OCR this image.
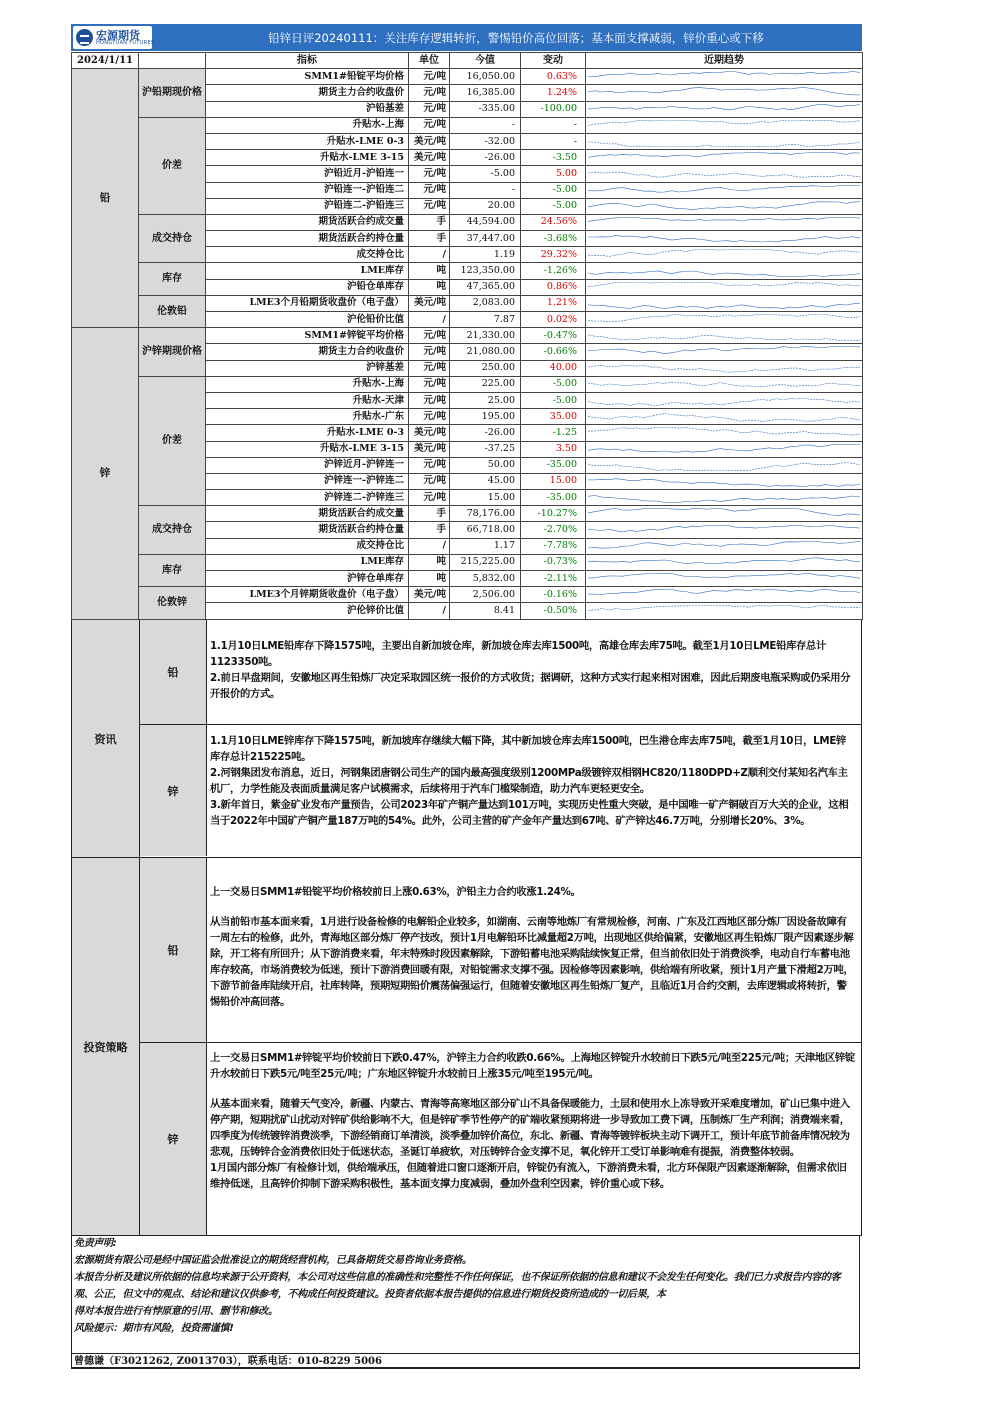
宏源期货
HONGYUAN FUTURES	铅锌日评20240111：关注库存逻辑转折，警惕铅价高位回落；基本面支撑减弱，锌价重心或下移
2024/1/11		指标	单位	今值	变动	近期趋势
铅	沪铅期现价格	SMM1#铅锭平均价格	元/吨	16,050.00	0.63%	

		期货主力合约收盘价	元/吨	16,385.00	1.24%	

		沪铅基差	元/吨	-335.00	-100.00	

	价差	升贴水-上海	元/吨	-	-	

		升贴水-LME 0-3	美元/吨	-32.00	-	

		升贴水-LME 3-15	美元/吨	-26.00	-3.50	

		沪铅近月-沪铅连一	元/吨	-5.00	5.00	

		沪铅连一-沪铅连二	元/吨	-	-5.00	

		沪铅连二-沪铅连三	元/吨	20.00	-5.00	

	成交持仓	期货活跃合约成交量	手	44,594.00	24.56%	

		期货活跃合约持仓量	手	37,447.00	-3.68%	

		成交持仓比	/	1.19	29.32%	

	库存	LME库存	吨	123,350.00	-1.26%	

		沪铅仓单库存	吨	47,365.00	0.86%	

	伦敦铅	LME3个月铅期货收盘价（电子盘）	美元/吨	2,083.00	1.21%	

		沪伦铅价比值	/	7.87	0.02%	

锌	沪锌期现价格	SMM1#锌锭平均价格	元/吨	21,330.00	-0.47%	

		期货主力合约收盘价	元/吨	21,080.00	-0.66%	

		沪锌基差	元/吨	250.00	40.00	

	价差	升贴水-上海	元/吨	225.00	-5.00	

		升贴水-天津	元/吨	25.00	-5.00	

		升贴水-广东	元/吨	195.00	35.00	

		升贴水-LME 0-3	美元/吨	-26.00	-1.25	

		升贴水-LME 3-15	美元/吨	-37.25	3.50	

		沪锌近月-沪锌连一	元/吨	50.00	-35.00	

		沪锌连一-沪锌连二	元/吨	45.00	15.00	

		沪锌连二-沪锌连三	元/吨	15.00	-35.00	

	成交持仓	期货活跃合约成交量	手	78,176.00	-10.27%	

		期货活跃合约持仓量	手	66,718.00	-2.70%	

		成交持仓比	/	1.17	-7.78%	

	库存	LME库存	吨	215,225.00	-0.73%	

		沪锌仓单库存	吨	5,832.00	-2.11%	

	伦敦锌	LME3个月锌期货收盘价（电子盘）	美元/吨	2,506.00	-0.16%	

		沪伦锌价比值	/	8.41	-0.50%	
资讯
铅

1.1月10日LME铅库存下降1575吨，主要出自新加坡仓库，新加坡仓库去库1500吨，高雄仓库去库75吨。截至1月10日LME铅库存总计1123350吨。

2.前日早盘期间，安徽地区再生铅炼厂决定采取园区统一报价的方式收货；据调研，这种方式实行起来相对困难，因此后期废电瓶采购或仍采用分开报价的方式。

锌

1.1月10日LME锌库存下降1575吨，新加坡库存继续大幅下降，其中新加坡仓库去库1500吨，巴生港仓库去库75吨，截至1月10日，LME锌库存总计215225吨。

2.河钢集团发布消息，近日，河钢集团唐钢公司生产的国内最高强度级别1200MPa级镀锌双相钢HC820/1180DPD+Z顺利交付某知名汽车主机厂，力学性能及表面质量满足客户试模需求，后续将用于汽车门槛梁制造，助力汽车更轻更安全。

3.新年首日，紫金矿业发布产量预告，公司2023年矿产铜产量达到101万吨，实现历史性重大突破，是中国唯一矿产铜破百万大关的企业，这相当于2022年中国矿产铜产量187万吨的54%。此外，公司主营的矿产金年产量达到67吨、矿产锌达46.7万吨，分别增长20%、3%。

投资策略
铅

上一交易日SMM1#铅锭平均价格较前日上涨0.63%，沪铅主力合约收涨1.24%。

从当前铅市基本面来看，1月进行设备检修的电解铅企业较多，如湖南、云南等地炼厂有常规检修，河南、广东及江西地区部分炼厂因设备故障有一周左右的检修，此外，青海地区部分炼厂停产技改，预计1月电解铅环比减量超2万吨，出现地区供给偏紧，安徽地区再生铅炼厂限产因素逐步解除，开工将有所回升；从下游消费来看，年末特殊时段因素解除，下游铅蓄电池采购陆续恢复正常，但当前依旧处于消费淡季，电动自行车蓄电池库存较高，市场消费较为低迷，预计下游消费回暖有限，对铅锭需求支撑不强。因检修等因素影响，供给端有所收紧，预计1月产量下滑超2万吨，下游节前备库陆续开启，社库转降，预期短期铅价震荡偏强运行，但随着安徽地区再生铅炼厂复产，且临近1月合约交割，去库逻辑或将转折，警惕铅价冲高回落。

锌

上一交易日SMM1#锌锭平均价较前日下跌0.47%，沪锌主力合约收跌0.66%。上海地区锌锭升水较前日下跌5元/吨至225元/吨；天津地区锌锭升水较前日下跌5元/吨至25元/吨；广东地区锌锭升水较前日上涨35元/吨至195元/吨。

从基本面来看，随着天气变冷，新疆、内蒙古、青海等高寒地区部分矿山不具备保暖能力，土层和使用水上冻导致开采难度增加，矿山已集中进入停产期，短期扰矿山扰动对锌矿供给影响不大，但是锌矿季节性停产的矿端收紧预期将进一步导致加工费下调，压制炼厂生产利润；消费端来看，四季度为传统镀锌消费淡季，下游经销商订单清淡，淡季叠加锌价高位，东北、新疆、青海等镀锌板块主动下调开工，预计年底节前备库情况较为悲观，压铸锌合金消费依旧处于低迷状态，圣诞订单疲软，对压铸锌合金支撑不足，氧化锌开工受订单影响难有提振，消费整体较弱。

1月国内部分炼厂有检修计划，供给端承压，但随着进口窗口逐渐开启，锌锭仍有流入，下游消费未看，北方环保限产因素逐渐解除，但需求依旧维持低迷，且高锌价抑制下游采购积极性，基本面支撑力度减弱，叠加外盘利空因素，锌价重心或下移。

免责声明:

宏源期货有限公司是经中国证监会批准设立的期货经营机构，已具备期货交易咨询业务资格。

本报告分析及建议所依据的信息均来源于公开资料，本公司对这些信息的准确性和完整性不作任何保证，也不保证所依据的信息和建议不会发生任何变化。我们已力求报告内容的客观、公正，但文中的观点、结论和建议仅供参考，不构成任何投资建议。投资者依据本报告提供的信息进行期货投资所造成的一切后果，本

得对本报告进行有悖原意的引用、删节和修改。

风险提示：期市有风险，投资需谨慎!

曾德谦（F3021262, Z0013703），联系电话：010-8229 5006
